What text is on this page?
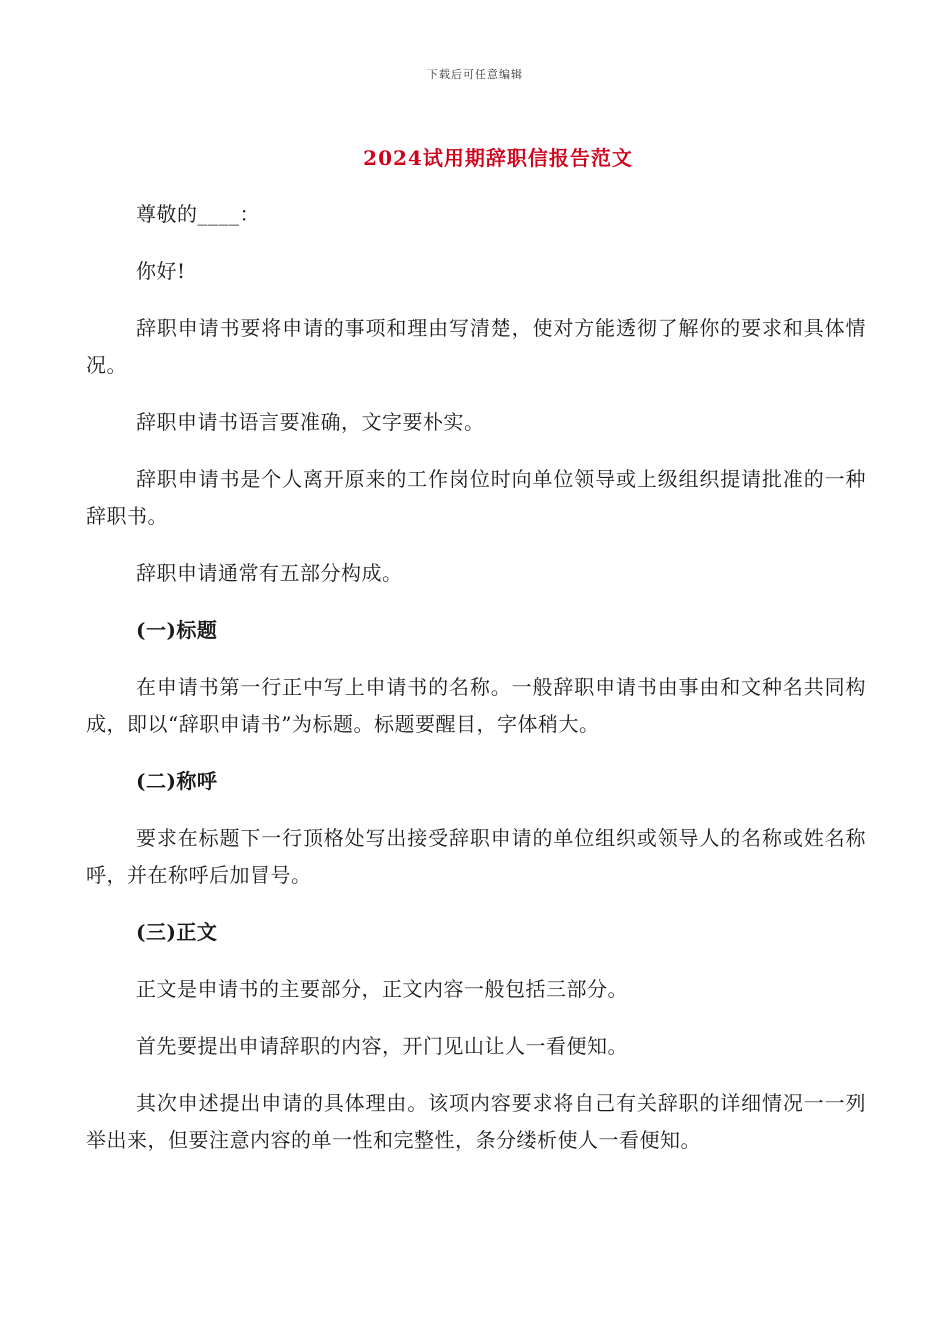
下载后可任意编辑
2024试用期辞职信报告范文

尊敬的____：

你好!

辞职申请书要将申请的事项和理由写清楚，使对方能透彻了解你的要求和具体情况。

辞职申请书语言要准确，文字要朴实。

辞职申请书是个人离开原来的工作岗位时向单位领导或上级组织提请批准的一种辞职书。

辞职申请通常有五部分构成。

(一)标题

在申请书第一行正中写上申请书的名称。一般辞职申请书由事由和文种名共同构成，即以“辞职申请书”为标题。标题要醒目，字体稍大。

(二)称呼

要求在标题下一行顶格处写出接受辞职申请的单位组织或领导人的名称或姓名称呼，并在称呼后加冒号。

(三)正文

正文是申请书的主要部分，正文内容一般包括三部分。

首先要提出申请辞职的内容，开门见山让人一看便知。

其次申述提出申请的具体理由。该项内容要求将自己有关辞职的详细情况一一列举出来，但要注意内容的单一性和完整性，条分缕析使人一看便知。
